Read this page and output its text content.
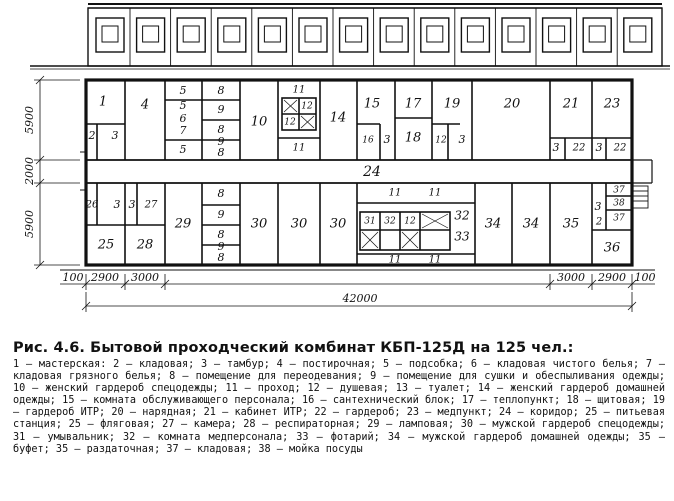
1
2 3
4
5
5
6
7
5
8
9
8
9
8
10
11
12
12
11
14
15
16 3
17
18
19
12 3
20	21 23
3 22 3 22
24
26 3 27
3
25 28
29
8
9
8
9
8
30 30 30	34
11	11
31 32 12	32
33
11	11
34 35
3
37
38
37
36
2
5900
2000
5900
100 2900 3000	3000 2900 100
42000

Рис. 4.6. Бытовой проходческий комбинат КБП-125Д на 125 чел.:

1 — мастерская: 2 — кладовая; 3 — тамбур; 4 — постирочная; 5 — подсобка; 6 — кладовая чистого белья; 7 — кладовая грязного белья; 8 — помещение для переодевания; 9 — помещение для сушки и обеспыливания одежды; 10 — женский гардероб спецодежды; 11 — проход; 12 — душевая; 13 — туалет; 14 — женский гардероб домашней одежды; 15 — комната обслуживающего персонала; 16 — сантехнический блок; 17 — теплопункт; 18 — щитовая; 19 — гардероб ИТР; 20 — нарядная; 21 — кабинет ИТР; 22 — гардероб; 23 — медпункт; 24 — коридор; 25 — питьевая станция; 25 — фляговая; 27 — камера; 28 — респираторная; 29 — ламповая; 30 — мужской гардероб спецодежды; 31 — умывальник; 32 — комната медперсонала; 33 — фотарий; 34 — мужской гардероб домашней одежды; 35 — буфет; 35 — раздаточная; 37 — кладовая; 38 — мойка посуды
